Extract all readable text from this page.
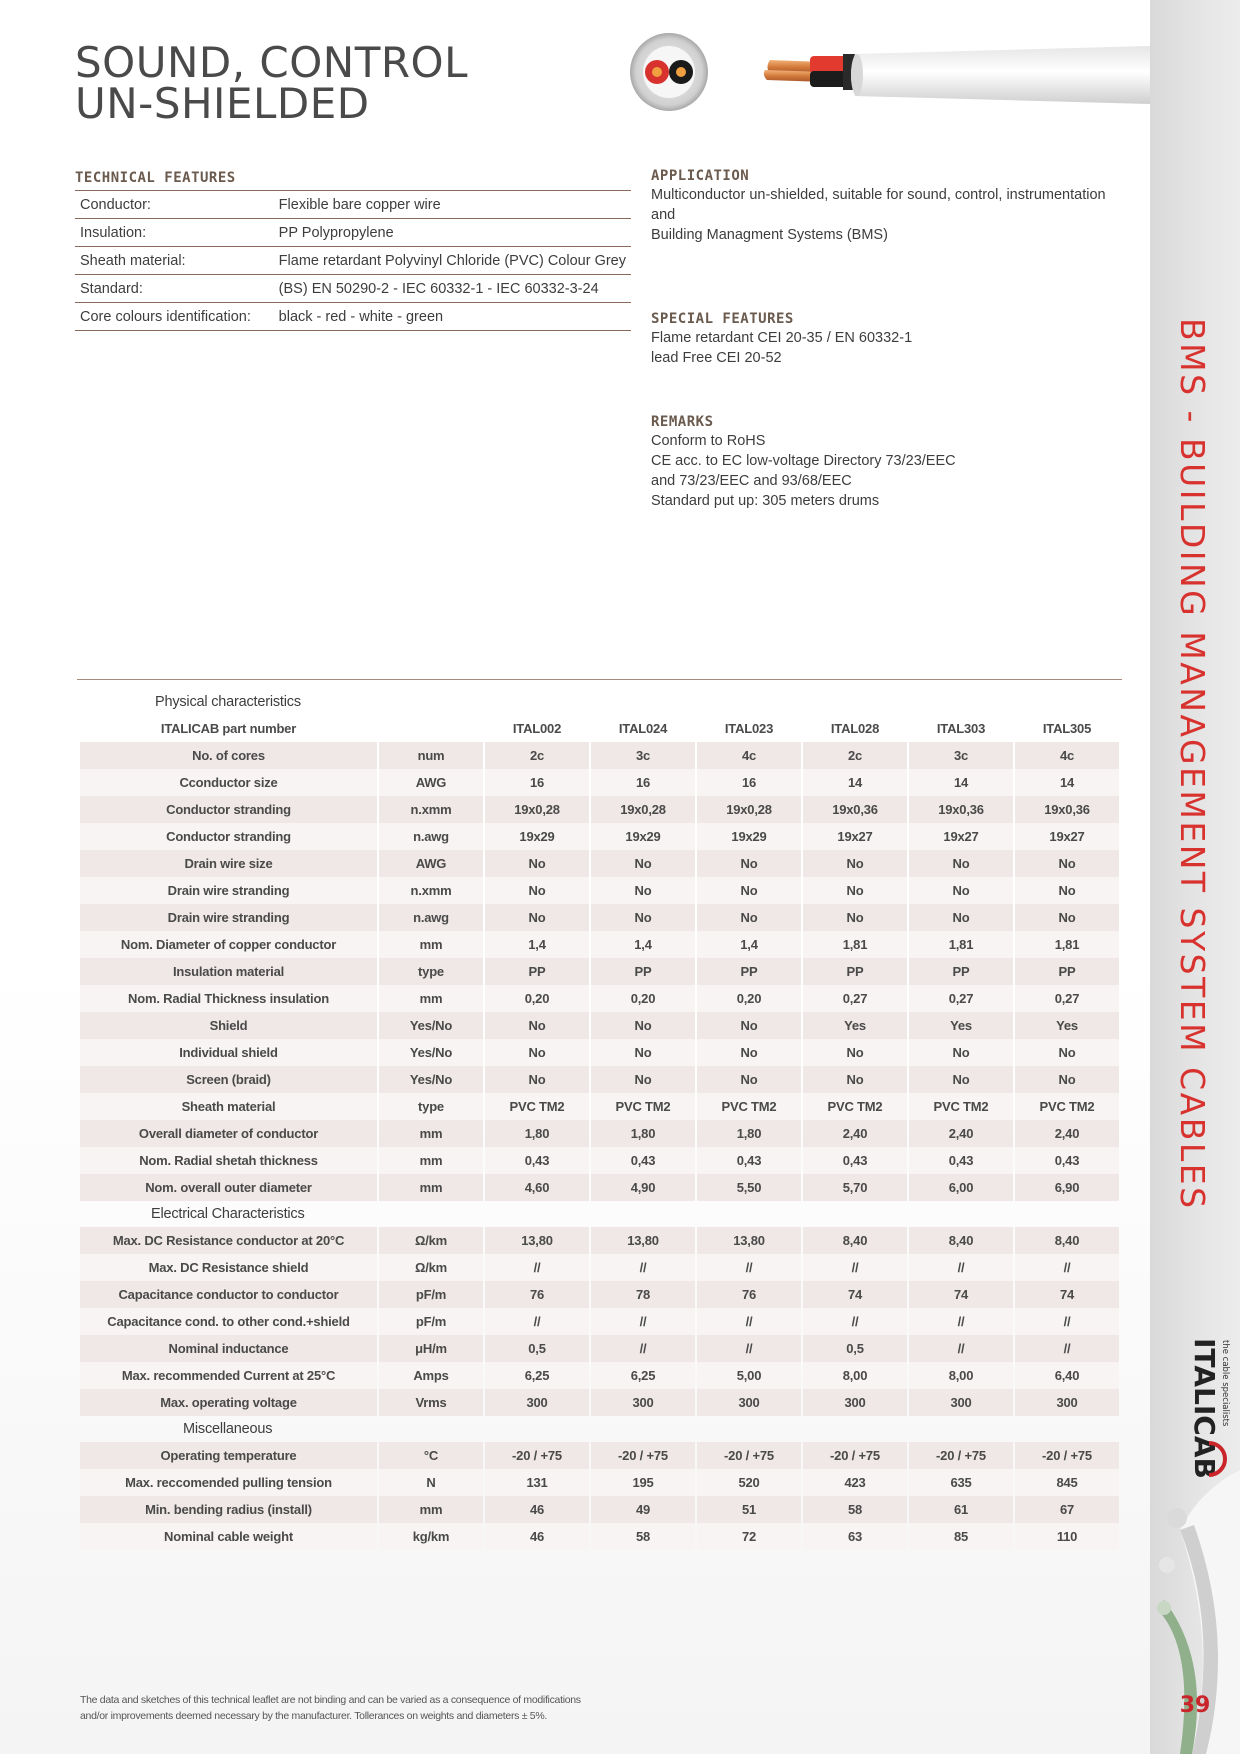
SOUND, CONTROL
UN-SHIELDED
TECHNICAL FEATURES
Conductor:	Flexible bare copper wire
Insulation:	PP Polypropylene
Sheath material:	Flame retardant Polyvinyl Chloride (PVC) Colour Grey
Standard:	(BS) EN 50290-2 - IEC 60332-1 - IEC 60332-3-24
Core colours identification:	black - red - white - green
APPLICATION
Multiconductor un-shielded, suitable for sound, control, instrumentation and
Building Managment Systems (BMS)
SPECIAL FEATURES
Flame retardant CEI 20-35 / EN 60332-1
lead Free CEI 20-52
REMARKS
Conform to RoHS
CE acc. to EC low-voltage Directory 73/23/EEC
and 73/23/EEC and 93/68/EEC
Standard put up: 305 meters drums
Physical characteristics							
ITALICAB part number		ITAL002	ITAL024	ITAL023	ITAL028	ITAL303	ITAL305
No. of cores	num	2c	3c	4c	2c	3c	4c
Cconductor size	AWG	16	16	16	14	14	14
Conductor stranding	n.xmm	19x0,28	19x0,28	19x0,28	19x0,36	19x0,36	19x0,36
Conductor stranding	n.awg	19x29	19x29	19x29	19x27	19x27	19x27
Drain wire size	AWG	No	No	No	No	No	No
Drain wire stranding	n.xmm	No	No	No	No	No	No
Drain wire stranding	n.awg	No	No	No	No	No	No
Nom. Diameter of copper conductor	mm	1,4	1,4	1,4	1,81	1,81	1,81
Insulation material	type	PP	PP	PP	PP	PP	PP
Nom. Radial Thickness insulation	mm	0,20	0,20	0,20	0,27	0,27	0,27
Shield	Yes/No	No	No	No	Yes	Yes	Yes
Individual shield	Yes/No	No	No	No	No	No	No
Screen (braid)	Yes/No	No	No	No	No	No	No
Sheath material	type	PVC TM2	PVC TM2	PVC TM2	PVC TM2	PVC TM2	PVC TM2
Overall diameter of conductor	mm	1,80	1,80	1,80	2,40	2,40	2,40
Nom. Radial shetah thickness	mm	0,43	0,43	0,43	0,43	0,43	0,43
Nom. overall outer diameter	mm	4,60	4,90	5,50	5,70	6,00	6,90
Electrical Characteristics							
Max. DC Resistance conductor at 20°C	Ω/km	13,80	13,80	13,80	8,40	8,40	8,40
Max. DC Resistance shield	Ω/km	//	//	//	//	//	//
Capacitance conductor to conductor	pF/m	76	78	76	74	74	74
Capacitance cond. to other cond.+shield	pF/m	//	//	//	//	//	//
Nominal inductance	μH/m	0,5	//	//	0,5	//	//
Max. recommended Current at 25°C	Amps	6,25	6,25	5,00	8,00	8,00	6,40
Max. operating voltage	Vrms	300	300	300	300	300	300
Miscellaneous							
Operating temperature	°C	-20 / +75	-20 / +75	-20 / +75	-20 / +75	-20 / +75	-20 / +75
Max. reccomended pulling tension	N	131	195	520	423	635	845
Min. bending radius (install)	mm	46	49	51	58	61	67
Nominal cable weight	kg/km	46	58	72	63	85	110
BMS - BUILDING MANAGEMENT SYSTEM CABLES
ITALICAB the cable specialists
39
The data and sketches of this technical leaflet are not binding and can be varied as a consequence of modifications
and/or improvements deemed necessary by the manufacturer. Tollerances on weights and diameters ± 5%.
